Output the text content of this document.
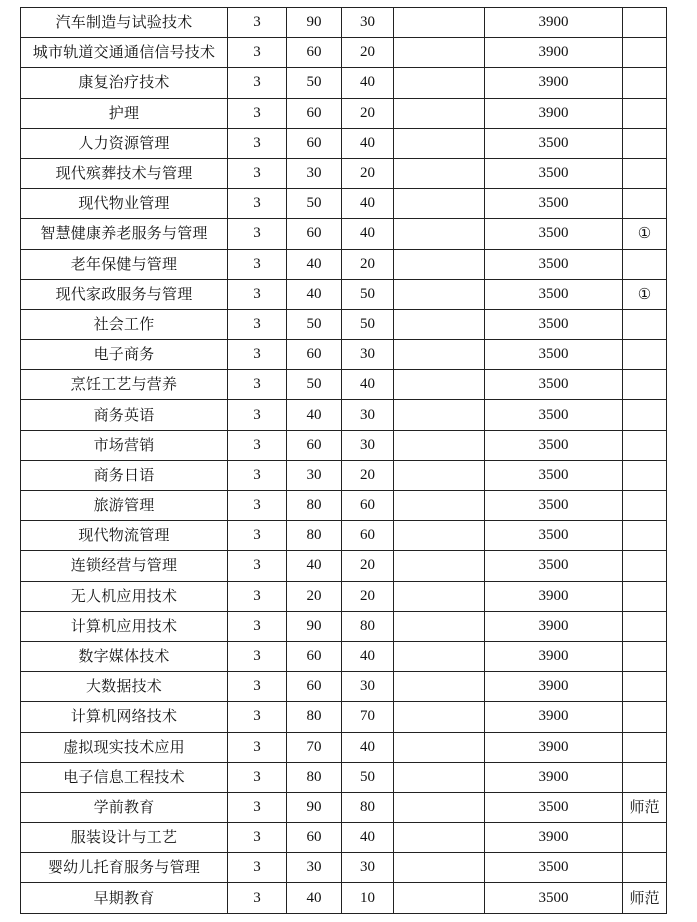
汽车制造与试验技术	3	90	30		3900	
城市轨道交通通信信号技术	3	60	20		3900	
康复治疗技术	3	50	40		3900	
护理	3	60	20		3900	
人力资源管理	3	60	40		3500	
现代殡葬技术与管理	3	30	20		3500	
现代物业管理	3	50	40		3500	
智慧健康养老服务与管理	3	60	40		3500	①
老年保健与管理	3	40	20		3500	
现代家政服务与管理	3	40	50		3500	①
社会工作	3	50	50		3500	
电子商务	3	60	30		3500	
烹饪工艺与营养	3	50	40		3500	
商务英语	3	40	30		3500	
市场营销	3	60	30		3500	
商务日语	3	30	20		3500	
旅游管理	3	80	60		3500	
现代物流管理	3	80	60		3500	
连锁经营与管理	3	40	20		3500	
无人机应用技术	3	20	20		3900	
计算机应用技术	3	90	80		3900	
数字媒体技术	3	60	40		3900	
大数据技术	3	60	30		3900	
计算机网络技术	3	80	70		3900	
虚拟现实技术应用	3	70	40		3900	
电子信息工程技术	3	80	50		3900	
学前教育	3	90	80		3500	师范
服装设计与工艺	3	60	40		3900	
婴幼儿托育服务与管理	3	30	30		3500	
早期教育	3	40	10		3500	师范
